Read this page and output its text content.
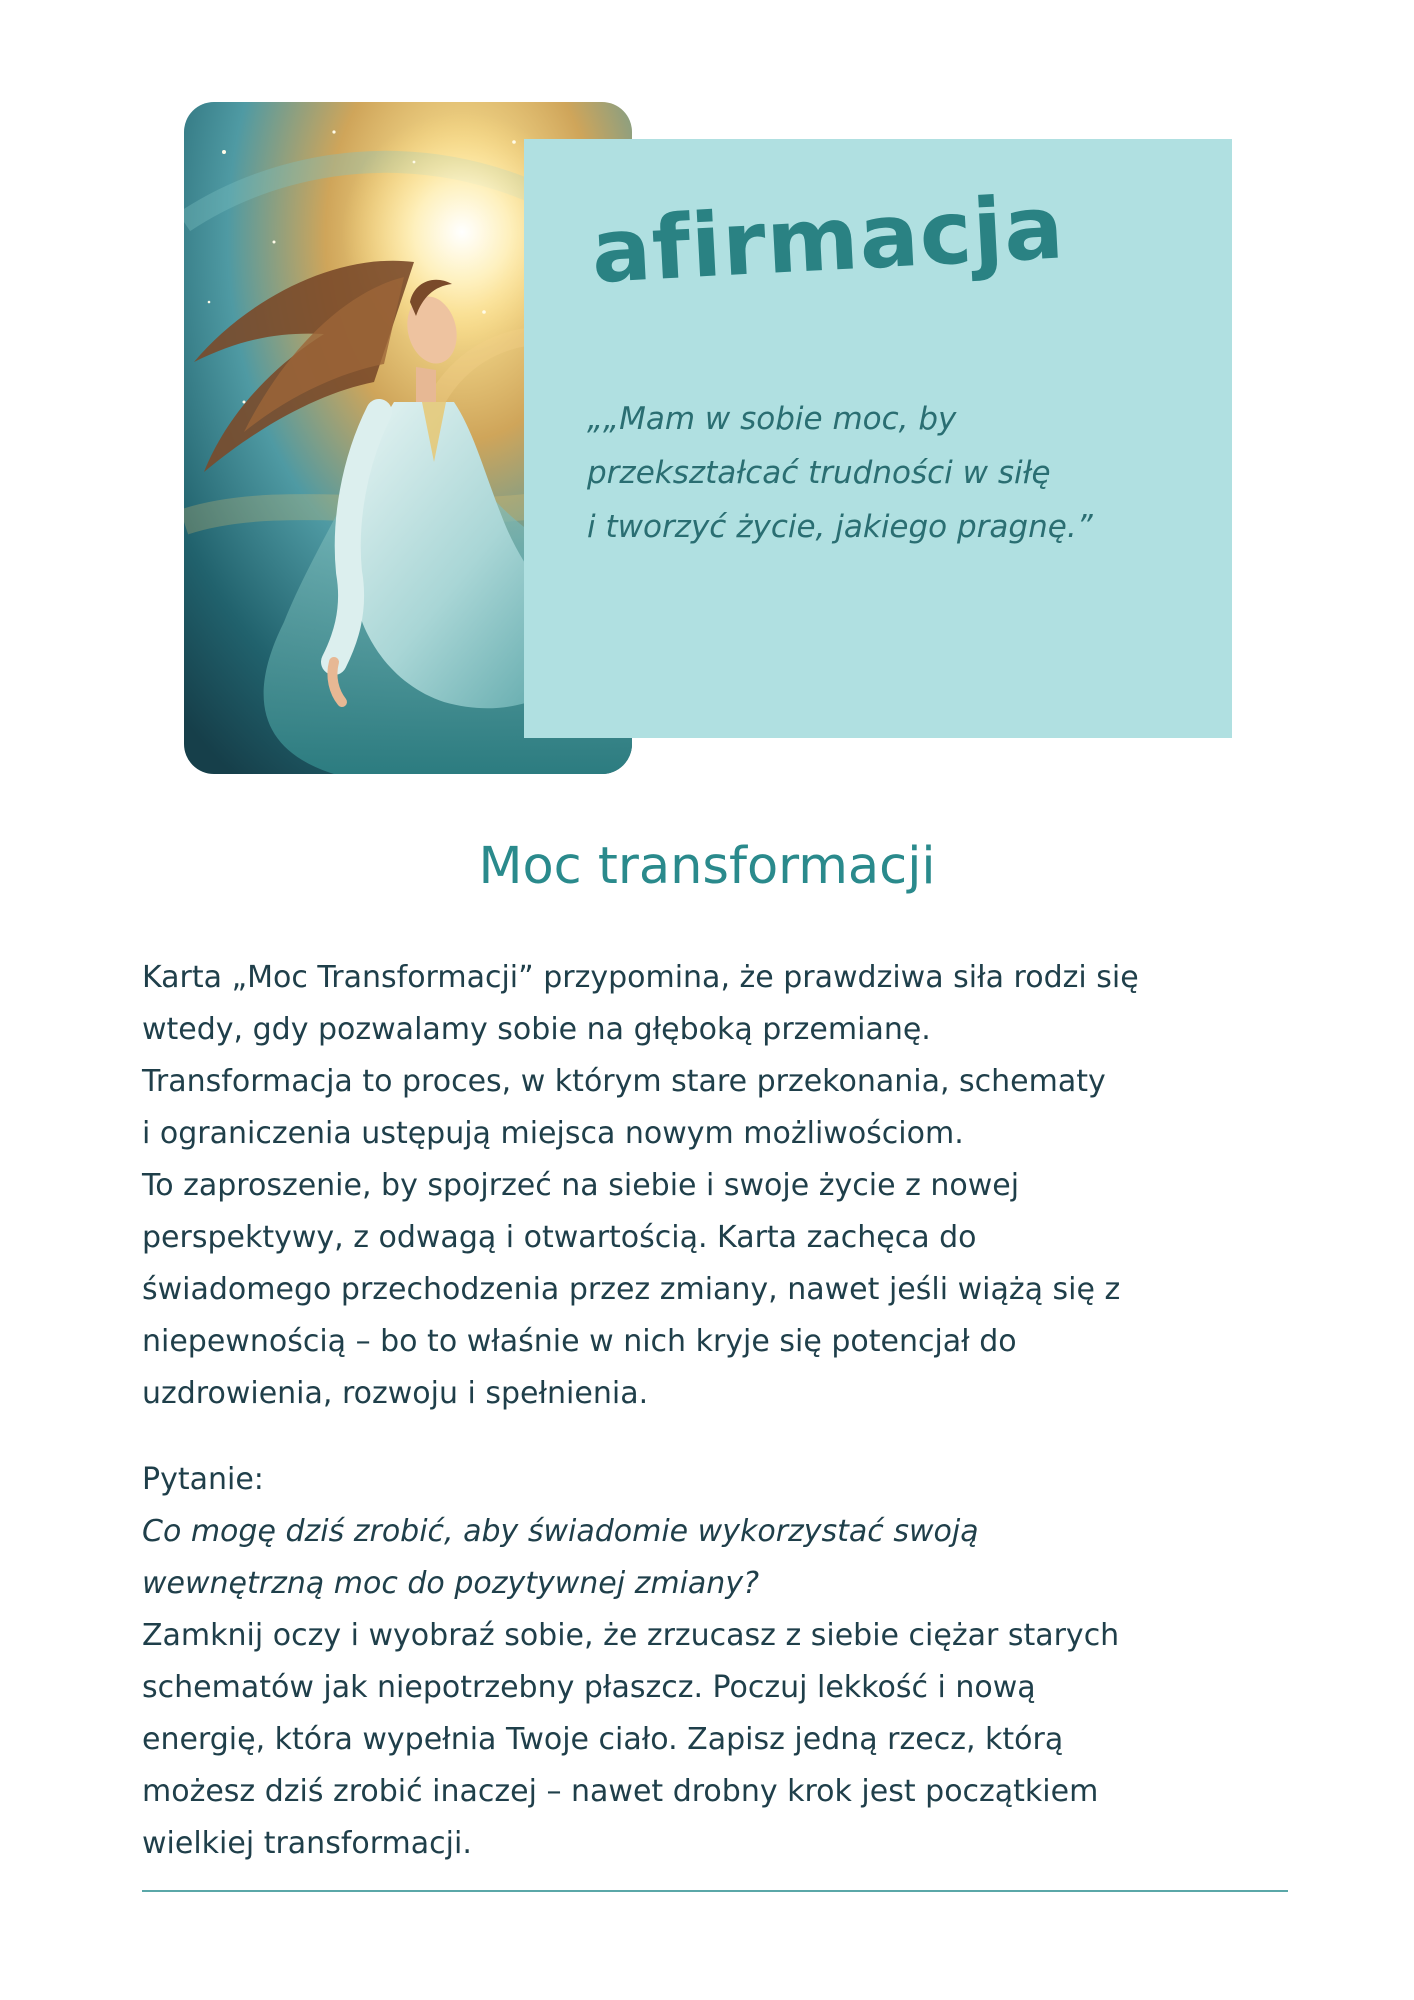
afirmacja

„„Mam w sobie moc, by
przekształcać trudności w siłę
i tworzyć życie, jakiego pragnę.”

Moc transformacji
Karta „Moc Transformacji” przypomina, że prawdziwa siła rodzi się
wtedy, gdy pozwalamy sobie na głęboką przemianę.
Transformacja to proces, w którym stare przekonania, schematy
i ograniczenia ustępują miejsca nowym możliwościom.
To zaproszenie, by spojrzeć na siebie i swoje życie z nowej
perspektywy, z odwagą i otwartością. Karta zachęca do
świadomego przechodzenia przez zmiany, nawet jeśli wiążą się z
niepewnością – bo to właśnie w nich kryje się potencjał do
uzdrowienia, rozwoju i spełnienia.
Pytanie:
Co mogę dziś zrobić, aby świadomie wykorzystać swoją
wewnętrzną moc do pozytywnej zmiany?
Zamknij oczy i wyobraź sobie, że zrzucasz z siebie ciężar starych
schematów jak niepotrzebny płaszcz. Poczuj lekkość i nową
energię, która wypełnia Twoje ciało. Zapisz jedną rzecz, którą
możesz dziś zrobić inaczej – nawet drobny krok jest początkiem
wielkiej transformacji.
